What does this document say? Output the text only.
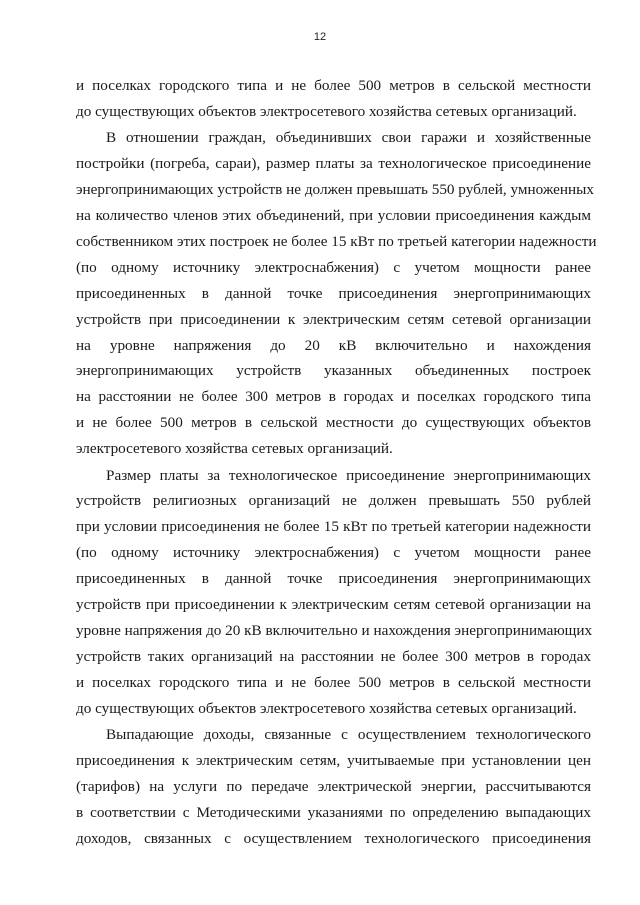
12
и поселках городского типа и не более 500 метров в сельской местности
до существующих объектов электросетевого хозяйства сетевых организаций.
В отношении граждан, объединивших свои гаражи и хозяйственные
постройки (погреба, сараи), размер платы за технологическое присоединение
энергопринимающих устройств не должен превышать 550 рублей, умноженных
на количество членов этих объединений, при условии присоединения каждым
собственником этих построек не более 15 кВт по третьей категории надежности
(по одному источнику электроснабжения) с учетом мощности ранее
присоединенных в данной точке присоединения энергопринимающих
устройств при присоединении к электрическим сетям сетевой организации
на уровне напряжения до 20 кВ включительно и нахождения
энергопринимающих устройств указанных объединенных построек
на расстоянии не более 300 метров в городах и поселках городского типа
и не более 500 метров в сельской местности до существующих объектов
электросетевого хозяйства сетевых организаций.
Размер платы за технологическое присоединение энергопринимающих
устройств религиозных организаций не должен превышать 550 рублей
при условии присоединения не более 15 кВт по третьей категории надежности
(по одному источнику электроснабжения) с учетом мощности ранее
присоединенных в данной точке присоединения энергопринимающих
устройств при присоединении к электрическим сетям сетевой организации на
уровне напряжения до 20 кВ включительно и нахождения энергопринимающих
устройств таких организаций на расстоянии не более 300 метров в городах
и поселках городского типа и не более 500 метров в сельской местности
до существующих объектов электросетевого хозяйства сетевых организаций.
Выпадающие доходы, связанные с осуществлением технологического
присоединения к электрическим сетям, учитываемые при установлении цен
(тарифов) на услуги по передаче электрической энергии, рассчитываются
в соответствии с Методическими указаниями по определению выпадающих
доходов, связанных с осуществлением технологического присоединения
